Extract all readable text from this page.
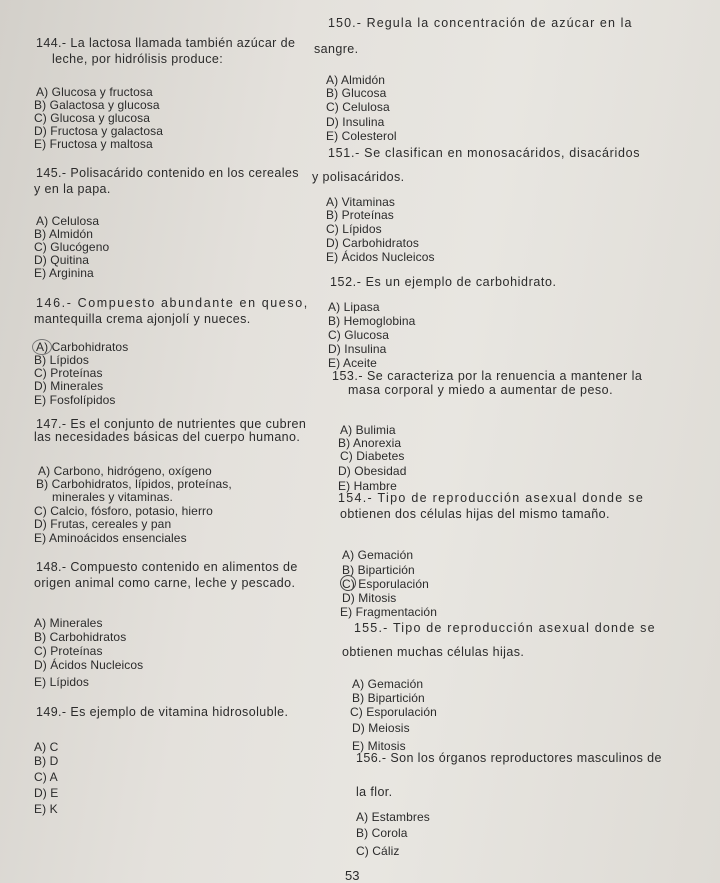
144.- La lactosa llamada también azúcar de
leche, por hidrólisis produce:
A) Glucosa y fructosa
B) Galactosa y glucosa
C) Glucosa y glucosa
D) Fructosa y galactosa
E) Fructosa y maltosa
145.- Polisacárido contenido en los cereales
y en la papa.
A) Celulosa
B) Almidón
C) Glucógeno
D) Quitina
E) Arginina
146.- Compuesto abundante en queso,
mantequilla crema ajonjolí y nueces.
A) Carbohidratos
B) Lípidos
C) Proteínas
D) Minerales
E) Fosfolípidos
147.- Es el conjunto de nutrientes que cubren
las necesidades básicas del cuerpo humano.
A) Carbono, hidrógeno, oxígeno
B) Carbohidratos, lípidos, proteínas,
minerales y vitaminas.
C) Calcio, fósforo, potasio, hierro
D) Frutas, cereales y pan
E) Aminoácidos ensenciales
148.- Compuesto contenido en alimentos de
origen animal como carne, leche y pescado.
A) Minerales
B) Carbohidratos
C) Proteínas
D) Ácidos Nucleicos
E) Lípidos
149.- Es ejemplo de vitamina hidrosoluble.
A) C
B) D
C) A
D) E
E) K
150.- Regula la concentración de azúcar en la
sangre.
A) Almidón
B) Glucosa
C) Celulosa
D) Insulina
E) Colesterol
151.- Se clasifican en monosacáridos, disacáridos
y polisacáridos.
A) Vitaminas
B) Proteínas
C) Lípidos
D) Carbohidratos
E) Ácidos Nucleicos
152.- Es un ejemplo de carbohidrato.
A) Lipasa
B) Hemoglobina
C) Glucosa
D) Insulina
E) Aceite
153.- Se caracteriza por la renuencia a mantener la
masa corporal y miedo a aumentar de peso.
A) Bulimia
B) Anorexia
C) Diabetes
D) Obesidad
E) Hambre
154.- Tipo de reproducción asexual donde se
obtienen dos células hijas del mismo tamaño.
A) Gemación
B) Bipartición
C) Esporulación
D) Mitosis
E) Fragmentación
155.- Tipo de reproducción asexual donde se
obtienen muchas células hijas.
A) Gemación
B) Bipartición
C) Esporulación
D) Meiosis
E) Mitosis
156.- Son los órganos reproductores masculinos de
la flor.
A) Estambres
B) Corola
C) Cáliz
53
